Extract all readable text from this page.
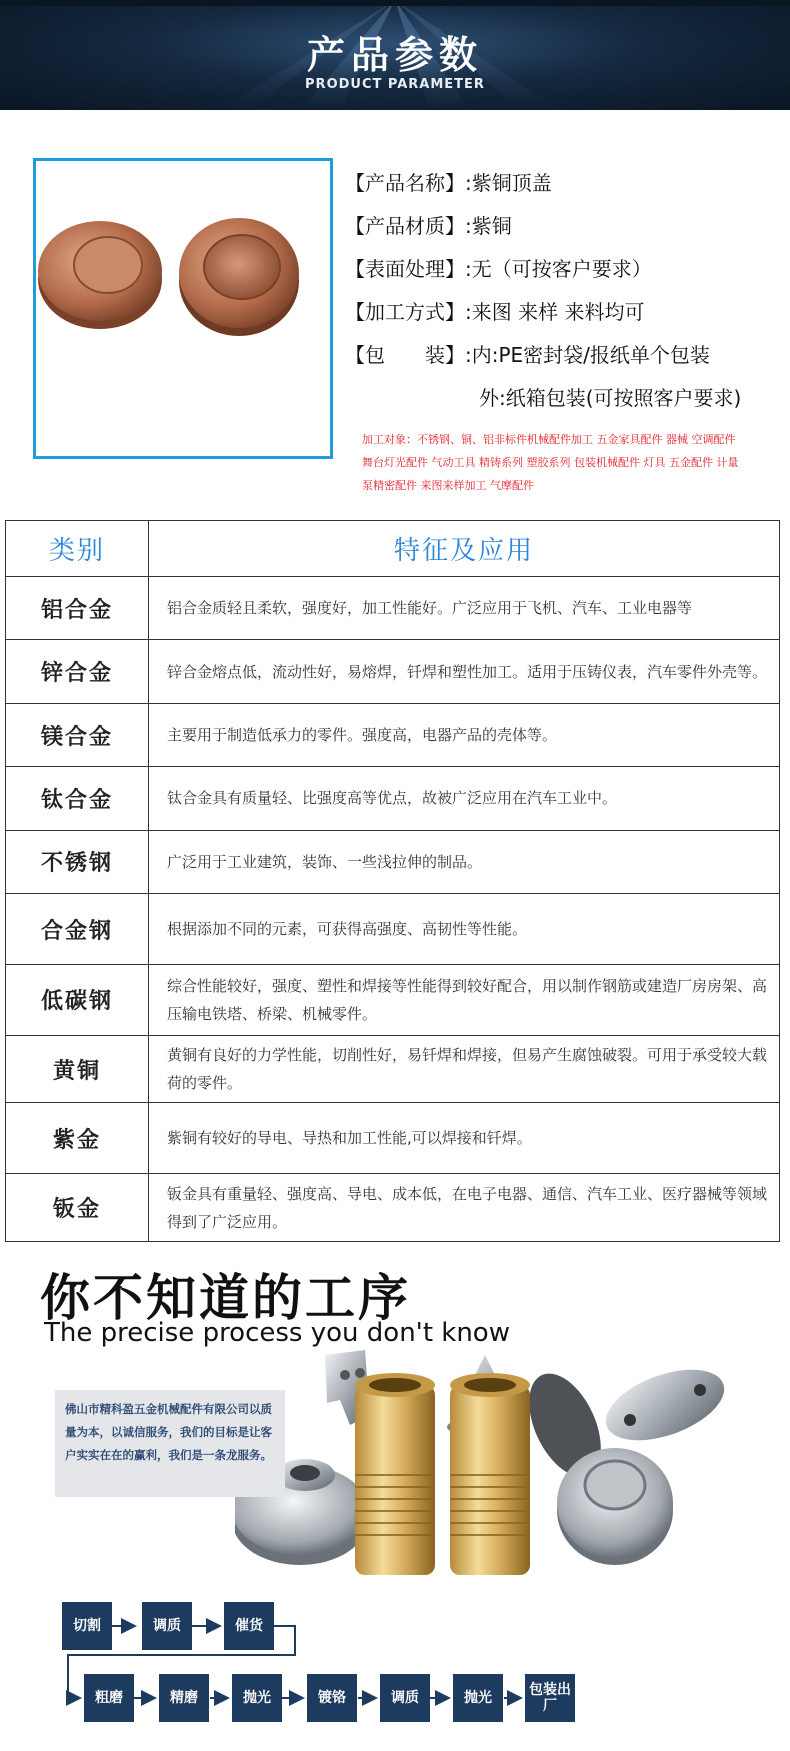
产品参数
PRODUCT PARAMETER
【产品名称】:紫铜顶盖
【产品材质】:紫铜
【表面处理】:无（可按客户要求）
【加工方式】:来图 来样 来料均可
【包　　装】:内:PE密封袋/报纸单个包装
外:纸箱包装(可按照客户要求)
加工对象：不锈钢、铜、铝非标件机械配件加工 五金家具配件 器械 空调配件 舞台灯光配件 气动工具 精铸系列 塑胶系列 包装机械配件 灯具 五金配件 计量泵精密配件 来图来样加工 气摩配件
类别	特征及应用
铝合金	铝合金质轻且柔软，强度好，加工性能好。广泛应用于飞机、汽车、工业电器等
锌合金	锌合金熔点低，流动性好，易熔焊，钎焊和塑性加工。适用于压铸仪表，汽车零件外壳等。
镁合金	主要用于制造低承力的零件。强度高，电器产品的壳体等。
钛合金	钛合金具有质量轻、比强度高等优点，故被广泛应用在汽车工业中。
不锈钢	广泛用于工业建筑，装饰、一些浅拉伸的制品。
合金钢	根据添加不同的元素，可获得高强度、高韧性等性能。
低碳钢	综合性能较好，强度、塑性和焊接等性能得到较好配合，用以制作钢筋或建造厂房房架、高压输电铁塔、桥梁、机械零件。
黄铜	黄铜有良好的力学性能，切削性好，易钎焊和焊接，但易产生腐蚀破裂。可用于承受较大载荷的零件。
紫金	紫铜有较好的导电、导热和加工性能,可以焊接和钎焊。
钣金	钣金具有重量轻、强度高、导电、成本低，在电子电器、通信、汽车工业、医疗器械等领域得到了广泛应用。
你不知道的工序
The precise process you don't know
佛山市精科盈五金机械配件有限公司以质量为本，以诚信服务，我们的目标是让客户实实在在的赢利，我们是一条龙服务。
切割	调质	催货
粗磨	精磨	抛光	镀铬	调质	抛光	包装出厂
